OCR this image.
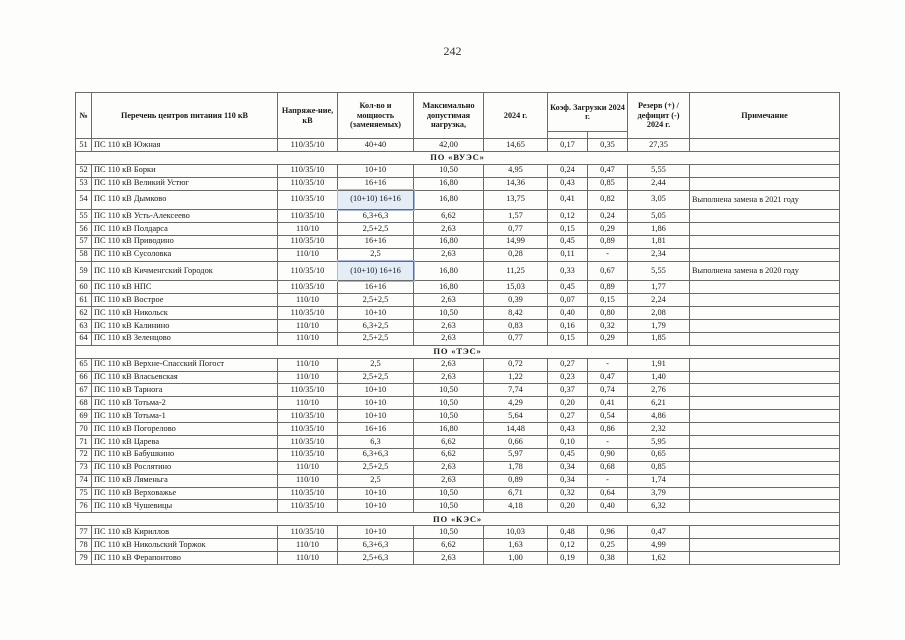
242
№	Перечень центров питания 110 кВ	Напряже-ние, кВ	Кол-во и мощность (заменяемых)	Максимально допустимая нагрузка,	2024 г.	Коэф. Загрузки 2024 г.		Резерв (+) / дефицит (-) 2024 г.	Примечание

51	ПС 110 кВ Южная	110/35/10	40+40	42,00	14,65	0,17	0,35	27,35	
ПО «ВУЭС»									
52	ПС 110 кВ Борки	110/35/10	10+10	10,50	4,95	0,24	0,47	5,55	
53	ПС 110 кВ Великий Устюг	110/35/10	16+16	16,80	14,36	0,43	0,85	2,44	
54	ПС 110 кВ Дымково	110/35/10	(10+10) 16+16	16,80	13,75	0,41	0,82	3,05	Выполнена замена в 2021 году
55	ПС 110 кВ Усть-Алексеево	110/35/10	6,3+6,3	6,62	1,57	0,12	0,24	5,05	
56	ПС 110 кВ Полдарса	110/10	2,5+2,5	2,63	0,77	0,15	0,29	1,86	
57	ПС 110 кВ Приводино	110/35/10	16+16	16,80	14,99	0,45	0,89	1,81	
58	ПС 110 кВ Сусоловка	110/10	2,5	2,63	0,28	0,11	-	2,34	
59	ПС 110 кВ Кичменгский Городок	110/35/10	(10+10) 16+16	16,80	11,25	0,33	0,67	5,55	Выполнена замена в 2020 году
60	ПС 110 кВ НПС	110/35/10	16+16	16,80	15,03	0,45	0,89	1,77	
61	ПС 110 кВ Вострое	110/10	2,5+2,5	2,63	0,39	0,07	0,15	2,24	
62	ПС 110 кВ Никольск	110/35/10	10+10	10,50	8,42	0,40	0,80	2,08	
63	ПС 110 кВ Калинино	110/10	6,3+2,5	2,63	0,83	0,16	0,32	1,79	
64	ПС 110 кВ Зеленцово	110/10	2,5+2,5	2,63	0,77	0,15	0,29	1,85	
ПО «ТЭС»									
65	ПС 110 кВ Верхне-Спасский Погост	110/10	2,5	2,63	0,72	0,27	-	1,91	
66	ПС 110 кВ Власьевская	110/10	2,5+2,5	2,63	1,22	0,23	0,47	1,40	
67	ПС 110 кВ Тарнога	110/35/10	10+10	10,50	7,74	0,37	0,74	2,76	
68	ПС 110 кВ Тотьма-2	110/10	10+10	10,50	4,29	0,20	0,41	6,21	
69	ПС 110 кВ Тотьма-1	110/35/10	10+10	10,50	5,64	0,27	0,54	4,86	
70	ПС 110 кВ Погорелово	110/35/10	16+16	16,80	14,48	0,43	0,86	2,32	
71	ПС 110 кВ Царева	110/35/10	6,3	6,62	0,66	0,10	-	5,95	
72	ПС 110 кВ Бабушкино	110/35/10	6,3+6,3	6,62	5,97	0,45	0,90	0,65	
73	ПС 110 кВ Рослятино	110/10	2,5+2,5	2,63	1,78	0,34	0,68	0,85	
74	ПС 110 кВ Ляменьга	110/10	2,5	2,63	0,89	0,34	-	1,74	
75	ПС 110 кВ Верховажье	110/35/10	10+10	10,50	6,71	0,32	0,64	3,79	
76	ПС 110 кВ Чушевицы	110/35/10	10+10	10,50	4,18	0,20	0,40	6,32	
ПО «КЭС»									
77	ПС 110 кВ Кириллов	110/35/10	10+10	10,50	10,03	0,48	0,96	0,47	
78	ПС 110 кВ Никольский Торжок	110/10	6,3+6,3	6,62	1,63	0,12	0,25	4,99	
79	ПС 110 кВ Ферапонтово	110/10	2,5+6,3	2,63	1,00	0,19	0,38	1,62	
